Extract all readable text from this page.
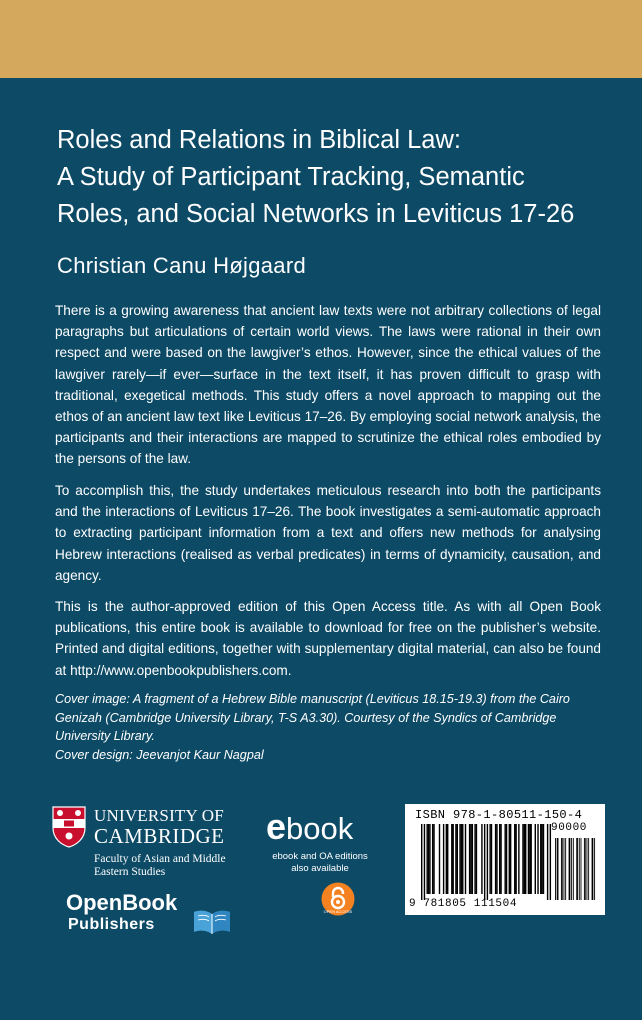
Roles and Relations in Biblical Law:
A Study of Participant Tracking, Semantic
Roles, and Social Networks in Leviticus 17-26
Christian Canu Højgaard
There is a growing awareness that ancient law texts were not arbitrary collections of legal paragraphs but articulations of certain world views. The laws were rational in their own respect and were based on the lawgiver’s ethos. However, since the ethical values of the lawgiver rarely—if ever—surface in the text itself, it has proven difficult to grasp with traditional, exegetical methods. This study offers a novel approach to mapping out the ethos of an ancient law text like Leviticus 17–26. By employing social network analysis, the participants and their interactions are mapped to scrutinize the ethical roles embodied by the persons of the law.
To accomplish this, the study undertakes meticulous research into both the participants and the interactions of Leviticus 17–26. The book investigates a semi-automatic approach to extracting participant information from a text and offers new methods for analysing Hebrew interactions (realised as verbal predicates) in terms of dynamicity, causation, and agency.
This is the author-approved edition of this Open Access title. As with all Open Book publications, this entire book is available to download for free on the publisher’s website. Printed and digital editions, together with supplementary digital material, can also be found at http://www.openbookpublishers.com.
Cover image: A fragment of a Hebrew Bible manuscript (Leviticus 18.15-19.3) from the Cairo Genizah (Cambridge University Library, T-S A3.30). Courtesy of the Syndics of Cambridge University Library.
Cover design: Jeevanjot Kaur Nagpal
UNIVERSITY OF
CAMBRIDGE
Faculty of Asian and Middle Eastern Studies
ebook
ebook and OA editions also available
OPEN ACCESS
OpenBook
Publishers
ISBN 978-1-80511-150-4
90000
9 781805 111504
